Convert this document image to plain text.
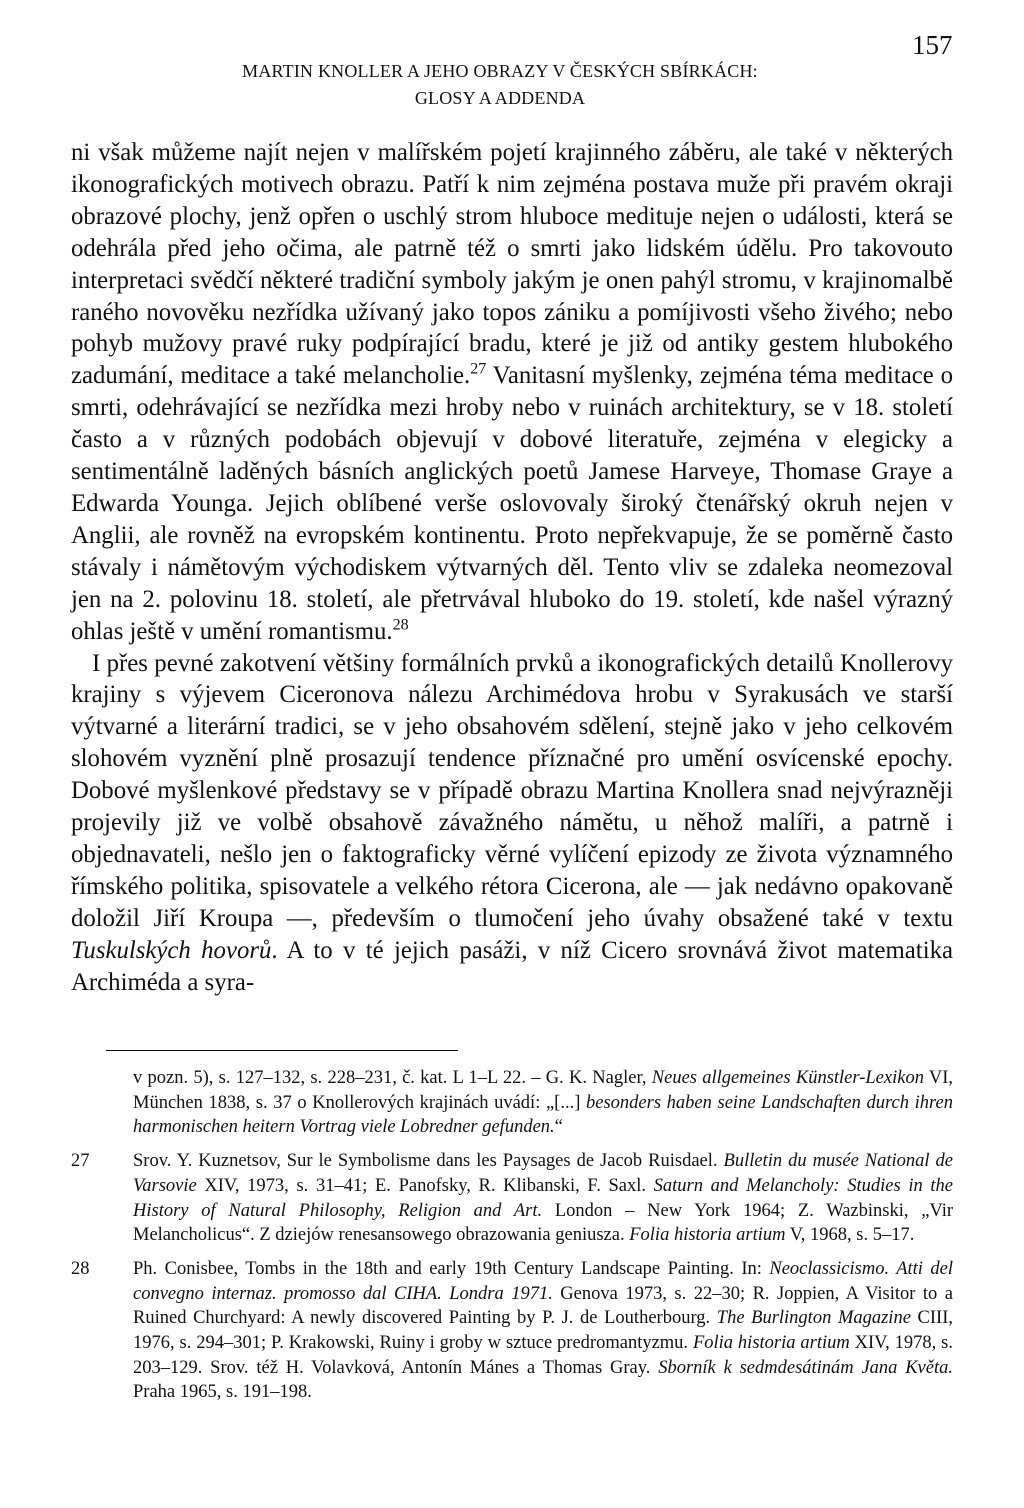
157
MARTIN KNOLLER A JEHO OBRAZY V ČESKÝCH SBÍRKÁCH:
GLOSY A ADDENDA

ni však můžeme najít nejen v malířském pojetí krajinného záběru, ale také v některých ikonografických motivech obrazu. Patří k nim zejména postava muže při pravém okraji obrazové plochy, jenž opřen o uschlý strom hluboce medituje nejen o události, která se odehrála před jeho očima, ale patrně též o smrti jako lidském údělu. Pro takovouto interpretaci svědčí některé tradiční symboly jakým je onen pahýl stromu, v krajinomalbě raného novověku nezřídka užívaný jako topos zániku a pomíjivosti všeho živého; nebo pohyb mužovy pravé ruky podpírající bradu, které je již od antiky gestem hlubokého zadumání, meditace a také melancholie.$^{27}$ Vanitasní myšlenky, zejména téma meditace o smrti, odehrávající se nezřídka mezi hroby nebo v ruinách architektury, se v 18. století často a v různých podobách objevují v dobové literatuře, zejména v elegicky a sentimentálně laděných básních anglických poetů Jamese Harveye, Thomase Graye a Edwarda Younga. Jejich oblíbené verše oslovovaly široký čtenářský okruh nejen v Anglii, ale rovněž na evropském kontinentu. Proto nepřekvapuje, že se poměrně často stávaly i námětovým východiskem výtvarných děl. Tento vliv se zdaleka neomezoval jen na 2. polovinu 18. století, ale přetrvával hluboko do 19. století, kde našel výrazný ohlas ještě v umění romantismu.$^{28}$

I přes pevné zakotvení většiny formálních prvků a ikonografických detailů Knollerovy krajiny s výjevem Ciceronova nálezu Archimédova hrobu v Syrakusách ve starší výtvarné a literární tradici, se v jeho obsahovém sdělení, stejně jako v jeho celkovém slohovém vyznění plně prosazují tendence příznačné pro umění osvícenské epochy. Dobové myšlenkové představy se v případě obrazu Martina Knollera snad nejvýrazněji projevily již ve volbě obsahově závažného námětu, u něhož malíři, a patrně i objednavateli, nešlo jen o faktograficky věrné vylíčení epizody ze života významného římského politika, spisovatele a velkého rétora Cicerona, ale — jak nedávno opakovaně doložil Jiří Kroupa —, především o tlumočení jeho úvahy obsažené také v textu Tuskulských hovorů. A to v té jejich pasáži, v níž Cicero srovnává život matematika Archiméda a syra-

v pozn. 5), s. 127–132, s. 228–231, č. kat. L 1–L 22. – G. K. Nagler, Neues allgemeines Künstler-Lexikon VI, München 1838, s. 37 o Knollerových krajinách uvádí: „[...] besonders haben seine Landschaften durch ihren harmonischen heitern Vortrag viele Lobredner gefunden.“
27	Srov. Y. Kuznetsov, Sur le Symbolisme dans les Paysages de Jacob Ruisdael. Bulletin du musée National de Varsovie XIV, 1973, s. 31–41; E. Panofsky, R. Klibanski, F. Saxl. Saturn and Melancholy: Studies in the History of Natural Philosophy, Religion and Art. London – New York 1964; Z. Wazbinski, „Vir Melancholicus“. Z dziejów renesansowego obrazowania geniusza. Folia historia artium V, 1968, s. 5–17.
28	Ph. Conisbee, Tombs in the 18th and early 19th Century Landscape Painting. In: Neoclassicismo. Atti del convegno internaz. promosso dal CIHA. Londra 1971. Genova 1973, s. 22–30; R. Joppien, A Visitor to a Ruined Churchyard: A newly discovered Painting by P. J. de Loutherbourg. The Burlington Magazine CIII, 1976, s. 294–301; P. Krakowski, Ruiny i groby w sztuce predromantyzmu. Folia historia artium XIV, 1978, s. 203–129. Srov. též H. Volavková, Antonín Mánes a Thomas Gray. Sborník k sedmdesátinám Jana Květa. Praha 1965, s. 191–198.
